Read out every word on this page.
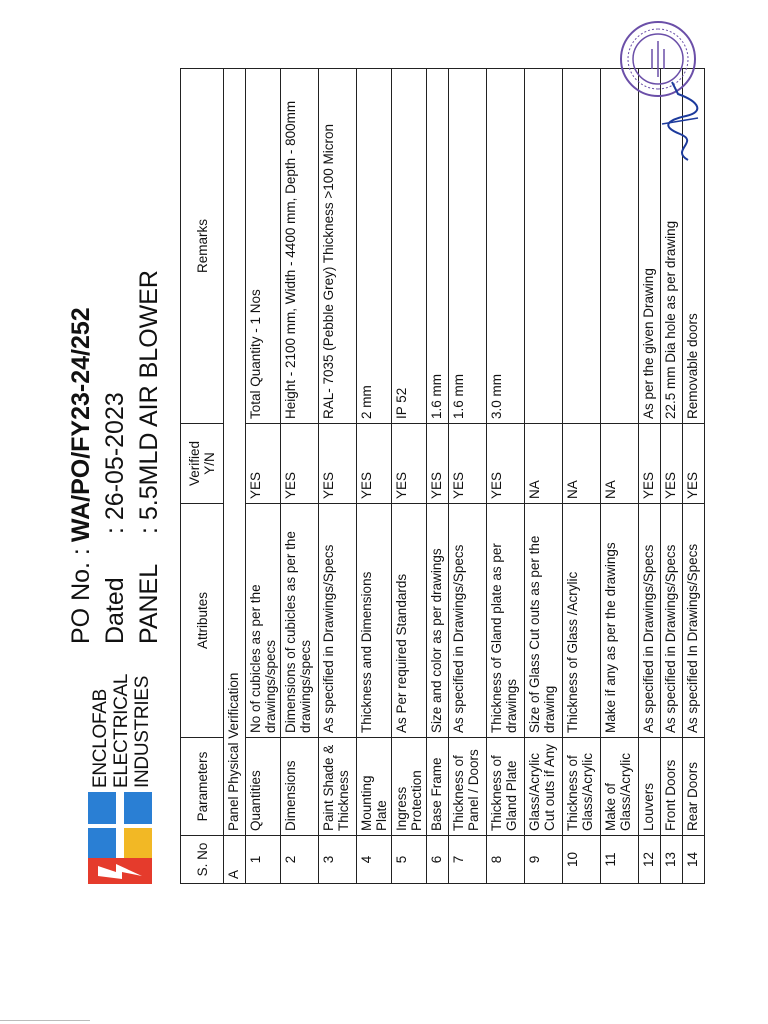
ENCLOFAB ELECTRICAL INDUSTRIES
PO No. :
WA/PO/FY23-24/252
Dated
: 26-05-2023
PANEL
: 5.5MLD AIR BLOWER
S. No	Parameters	Attributes	Verified Y/N	Remarks
A	Panel Physical Verification			
1	Quantities	No of cubicles as per the drawings/specs	YES	Total Quantity - 1 Nos
2	Dimensions	Dimensions of cubicles as per the drawings/specs	YES	Height - 2100 mm, Width - 4400 mm, Depth - 800mm
3	Paint Shade & Thickness	As specified in Drawings/Specs	YES	RAL- 7035 (Pebble Grey) Thickness >100 Micron
4	Mounting Plate	Thickness and Dimensions	YES	2 mm
5	Ingress Protection	As Per required Standards	YES	IP 52
6	Base Frame	Size and color as per drawings	YES	1.6 mm
7	Thickness of Panel / Doors	As specified in Drawings/Specs	YES	1.6 mm
8	Thickness of Gland Plate	Thickness of Gland plate as per drawings	YES	3.0 mm
9	Glass/Acrylic Cut outs if Any	Size of Glass Cut outs as per the drawing	NA	
10	Thickness of Glass/Acrylic	Thickness of Glass /Acrylic	NA	
11	Make of Glass/Acrylic	Make if any as per the drawings	NA	
12	Louvers	As specified in Drawings/Specs	YES	As per the given Drawing
13	Front Doors	As specified in Drawings/Specs	YES	22.5 mm Dia hole as per drawing
14	Rear Doors	As specified In Drawings/Specs	YES	Removable doors
